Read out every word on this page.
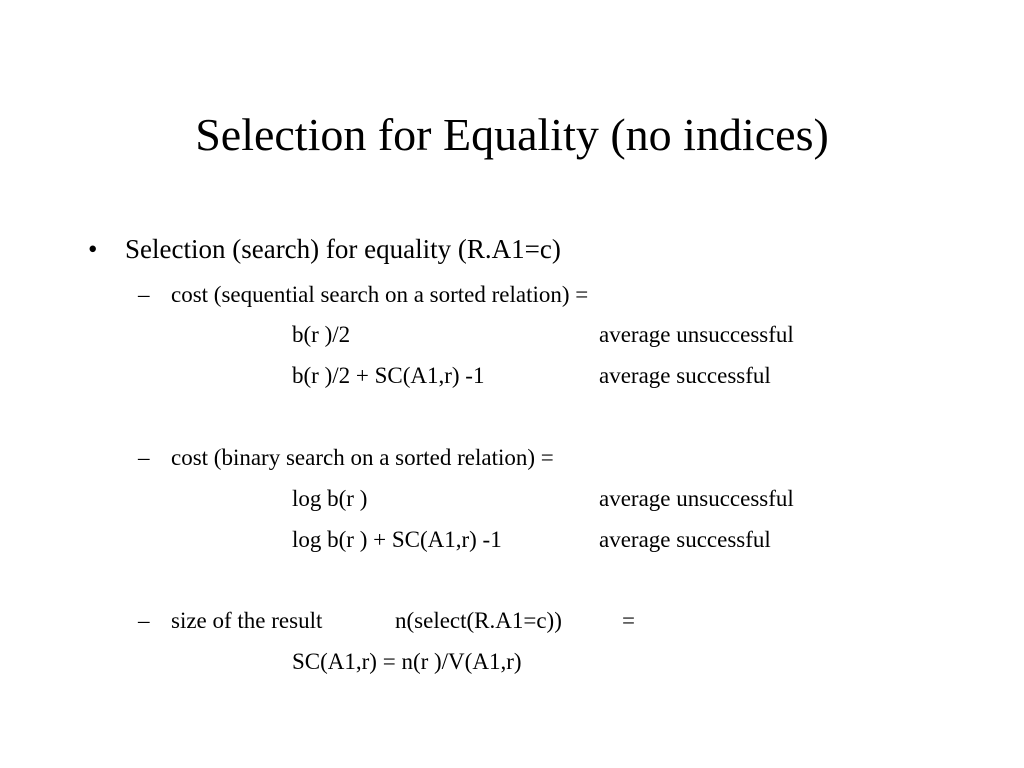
Selection for Equality (no indices)
• Selection (search) for equality (R.A1=c)
– cost (sequential search on a sorted relation) =
b(r )/2	average unsuccessful
b(r )/2 + SC(A1,r) -1	average successful
– cost (binary search on a sorted relation) =
log b(r )	average unsuccessful
log b(r ) + SC(A1,r) -1	average successful
– size of the result	n(select(R.A1=c))	=
SC(A1,r) = n(r )/V(A1,r)
